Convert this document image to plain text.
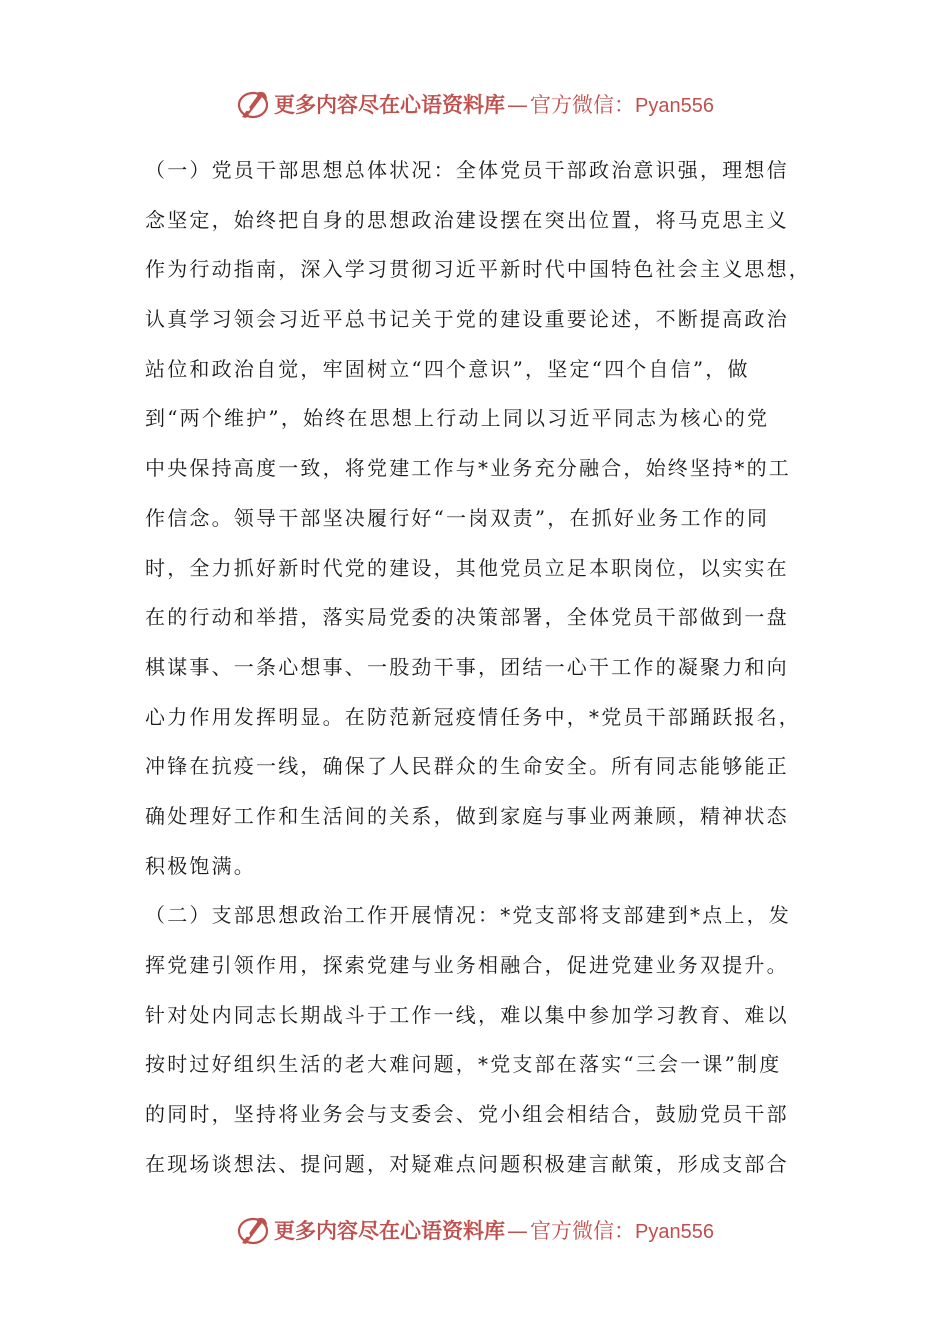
更多内容尽在心语资料库 — 官方微信： Pyan556
（一）党员干部思想总体状况：全体党员干部政治意识强，理想信
念坚定，始终把自身的思想政治建设摆在突出位置，将马克思主义
作为行动指南，深入学习贯彻习近平新时代中国特色社会主义思想，
认真学习领会习近平总书记关于党的建设重要论述，不断提高政治
站位和政治自觉，牢固树立“四个意识”，坚定“四个自信”，做
到“两个维护”，始终在思想上行动上同以习近平同志为核心的党
中央保持高度一致，将党建工作与*业务充分融合，始终坚持*的工
作信念。领导干部坚决履行好“一岗双责”，在抓好业务工作的同
时，全力抓好新时代党的建设，其他党员立足本职岗位，以实实在
在的行动和举措，落实局党委的决策部署，全体党员干部做到一盘
棋谋事、一条心想事、一股劲干事，团结一心干工作的凝聚力和向
心力作用发挥明显。在防范新冠疫情任务中，*党员干部踊跃报名，
冲锋在抗疫一线，确保了人民群众的生命安全。所有同志能够能正
确处理好工作和生活间的关系，做到家庭与事业两兼顾，精神状态
积极饱满。
（二）支部思想政治工作开展情况：*党支部将支部建到*点上，发
挥党建引领作用，探索党建与业务相融合，促进党建业务双提升。
针对处内同志长期战斗于工作一线，难以集中参加学习教育、难以
按时过好组织生活的老大难问题，*党支部在落实“三会一课”制度
的同时，坚持将业务会与支委会、党小组会相结合，鼓励党员干部
在现场谈想法、提问题，对疑难点问题积极建言献策，形成支部合
更多内容尽在心语资料库 — 官方微信： Pyan556
